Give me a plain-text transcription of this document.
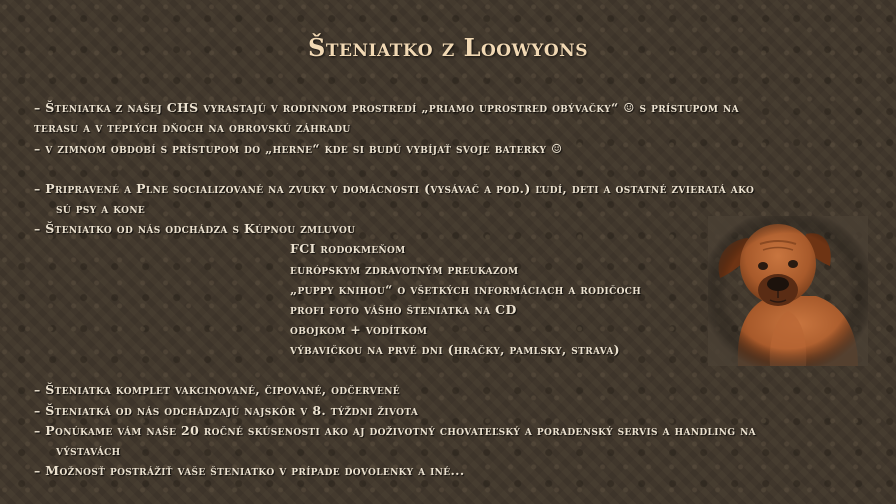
Šteniatko z Loowyons
– Šteniatka z našej CHS vyrastajú v rodinnom prostredí „priamo uprostred obývačky“ ☺ s prístupom na
terasu a v teplých dňoch na obrovskú záhradu
– v zimnom období s prístupom do „herne“ kde si budú vybíjať svoje baterky ☺
– Pripravené a Plne socializované na zvuky v domácnosti (vysávač a pod.) ľudí, deti a ostatné zvieratá ako
sú psy a kone
– Šteniatko od nás odchádza s Kúpnou zmluvou
FCI rodokmeňom
európskym zdravotným preukazom
„puppy knihou“ o všetkých informáciach a rodičoch
profi foto vášho šteniatka na CD
obojkom + vodítkom
výbavičkou na prvé dni (hračky, pamlsky, strava)
– Šteniatka komplet vakcinované, čipované, odčervené
– Šteniatká od nás odchádzajú najskôr v 8. týždni života
– Ponúkame vám naše 20 ročné skúsenosti ako aj doživotný chovateľský a poradenský servis a handling na
výstavách
– Možnosť postrážiť vaše šteniatko v prípade dovolenky a iné...
